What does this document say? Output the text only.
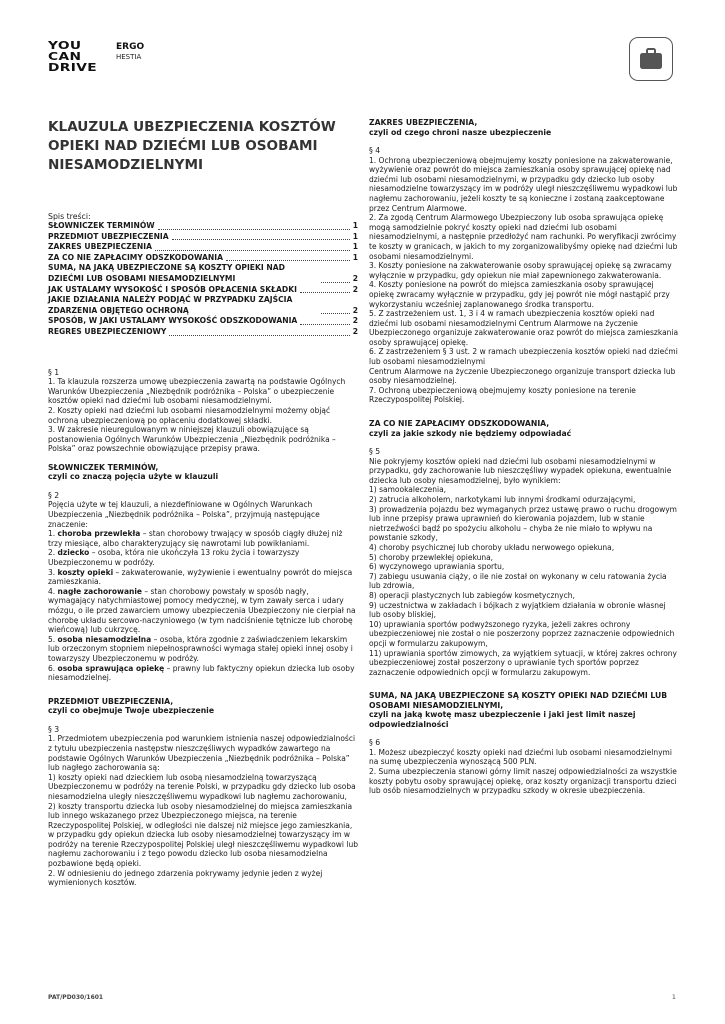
YOU
CAN
DRIVE
ERGO
HESTIA
KLAUZULA UBEZPIECZENIA KOSZTÓW OPIEKI NAD DZIEĆMI LUB OSOBAMI NIESAMODZIELNYMI
Spis treści:
SŁOWNICZEK TERMINÓW	1
PRZEDMIOT UBEZPIECZENIA	1
ZAKRES UBEZPIECZENIA	1
ZA CO NIE ZAPŁACIMY ODSZKODOWANIA	1
SUMA, NA JAKĄ UBEZPIECZONE SĄ KOSZTY OPIEKI NAD DZIEĆMI LUB OSOBAMI NIESAMODZIELNYMI	2
JAK USTALAMY WYSOKOŚĆ I SPOSÓB OPŁACENIA SKŁADKI	2
JAKIE DZIAŁANIA NALEŻY PODJĄĆ W PRZYPADKU ZAJŚCIA ZDARZENIA OBJĘTEGO OCHRONĄ	2
SPOSÓB, W JAKI USTALAMY WYSOKOŚĆ ODSZKODOWANIA	2
REGRES UBEZPIECZENIOWY	2
§ 1

1. Ta klauzula rozszerza umowę ubezpieczenia zawartą na podstawie Ogólnych Warunków Ubezpieczenia „Niezbędnik podróżnika – Polska” o ubezpieczenie kosztów opieki nad dziećmi lub osobami niesamodzielnymi.
2. Koszty opieki nad dziećmi lub osobami niesamodzielnymi możemy objąć ochroną ubezpieczeniową po opłaceniu dodatkowej składki.
3. W zakresie nieuregulowanym w niniejszej klauzuli obowiązujące są postanowienia Ogólnych Warunków Ubezpieczenia „Niezbędnik podróżnika – Polska” oraz powszechnie obowiązujące przepisy prawa.

SŁOWNICZEK TERMINÓW,
czyli co znaczą pojęcia użyte w klauzuli
§ 2

Pojęcia użyte w tej klauzuli, a niezdefiniowane w Ogólnych Warunkach Ubezpieczenia „Niezbędnik podróżnika – Polska”, przyjmują następujące znaczenie:

1. choroba przewlekła – stan chorobowy trwający w sposób ciągły dłużej niż trzy miesiące, albo charakteryzujący się nawrotami lub powikłaniami.

2. dziecko – osoba, która nie ukończyła 13 roku życia i towarzyszy Ubezpieczonemu w podróży.

3. koszty opieki – zakwaterowanie, wyżywienie i ewentualny powrót do miejsca zamieszkania.

4. nagłe zachorowanie – stan chorobowy powstały w sposób nagły, wymagający natychmiastowej pomocy medycznej, w tym zawały serca i udary mózgu, o ile przed zawarciem umowy ubezpieczenia Ubezpieczony nie cierpiał na chorobę układu sercowo-naczyniowego (w tym nadciśnienie tętnicze lub chorobę wieńcową) lub cukrzycę.

5. osoba niesamodzielna – osoba, która zgodnie z zaświadczeniem lekarskim lub orzeczonym stopniem niepełnosprawności wymaga stałej opieki innej osoby i towarzyszy Ubezpieczonemu w podróży.

6. osoba sprawująca opiekę – prawny lub faktyczny opiekun dziecka lub osoby niesamodzielnej.

PRZEDMIOT UBEZPIECZENIA,
czyli co obejmuje Twoje ubezpieczenie
§ 3

1. Przedmiotem ubezpieczenia pod warunkiem istnienia naszej odpowiedzialności z tytułu ubezpieczenia następstw nieszczęśliwych wypadków zawartego na podstawie Ogólnych Warunków Ubezpieczenia „Niezbędnik podróżnika – Polska” lub nagłego zachorowania są:
1) koszty opieki nad dzieckiem lub osobą niesamodzielną towarzyszącą Ubezpieczonemu w podróży na terenie Polski, w przypadku gdy dziecko lub osoba niesamodzielna uległy nieszczęśliwemu wypadkowi lub nagłemu zachorowaniu,
2) koszty transportu dziecka lub osoby niesamodzielnej do miejsca zamieszkania lub innego wskazanego przez Ubezpieczonego miejsca, na terenie Rzeczypospolitej Polskiej, w odległości nie dalszej niż miejsce jego zamieszkania, w przypadku gdy opiekun dziecka lub osoby niesamodzielnej towarzyszący im w podróży na terenie Rzeczypospolitej Polskiej uległ nieszczęśliwemu wypadkowi lub nagłemu zachorowaniu i z tego powodu dziecko lub osoba niesamodzielna pozbawione będą opieki.
2. W odniesieniu do jednego zdarzenia pokrywamy jedynie jeden z wyżej wymienionych kosztów.

ZAKRES UBEZPIECZENIA,
czyli od czego chroni nasze ubezpieczenie
§ 4

1. Ochroną ubezpieczeniową obejmujemy koszty poniesione na zakwaterowanie, wyżywienie oraz powrót do miejsca zamieszkania osoby sprawującej opiekę nad dziećmi lub osobami niesamodzielnymi, w przypadku gdy dziecko lub osoby niesamodzielne towarzyszący im w podróży uległ nieszczęśliwemu wypadkowi lub nagłemu zachorowaniu, jeżeli koszty te są konieczne i zostaną zaakceptowane przez Centrum Alarmowe.
2. Za zgodą Centrum Alarmowego Ubezpieczony lub osoba sprawująca opiekę mogą samodzielnie pokryć koszty opieki nad dziećmi lub osobami niesamodzielnymi, a następnie przedłożyć nam rachunki. Po weryfikacji zwrócimy te koszty w granicach, w jakich to my zorganizowalibyśmy opiekę nad dziećmi lub osobami niesamodzielnymi.
3. Koszty poniesione na zakwaterowanie osoby sprawującej opiekę są zwracamy wyłącznie w przypadku, gdy opiekun nie miał zapewnionego zakwaterowania.
4. Koszty poniesione na powrót do miejsca zamieszkania osoby sprawującej opiekę zwracamy wyłącznie w przypadku, gdy jej powrót nie mógł nastąpić przy wykorzystaniu wcześniej zaplanowanego środka transportu.
5. Z zastrzeżeniem ust. 1, 3 i 4 w ramach ubezpieczenia kosztów opieki nad dziećmi lub osobami niesamodzielnymi Centrum Alarmowe na życzenie Ubezpieczonego organizuje zakwaterowanie oraz powrót do miejsca zamieszkania osoby sprawującej opiekę.
6. Z zastrzeżeniem § 3 ust. 2 w ramach ubezpieczenia kosztów opieki nad dziećmi lub osobami niesamodzielnymi
Centrum Alarmowe na życzenie Ubezpieczonego organizuje transport dziecka lub osoby niesamodzielnej.
7. Ochroną ubezpieczeniową obejmujemy koszty poniesione na terenie Rzeczypospolitej Polskiej.

ZA CO NIE ZAPŁACIMY ODSZKODOWANIA,
czyli za jakie szkody nie będziemy odpowiadać
§ 5

Nie pokryjemy kosztów opieki nad dziećmi lub osobami niesamodzielnymi w przypadku, gdy zachorowanie lub nieszczęśliwy wypadek opiekuna, ewentualnie dziecka lub osoby niesamodzielnej, było wynikiem:
1) samookaleczenia,
2) zatrucia alkoholem, narkotykami lub innymi środkami odurzającymi,
3) prowadzenia pojazdu bez wymaganych przez ustawę prawo o ruchu drogowym lub inne przepisy prawa uprawnień do kierowania pojazdem, lub w stanie nietrzeźwości bądź po spożyciu alkoholu – chyba że nie miało to wpływu na powstanie szkody,
4) choroby psychicznej lub choroby układu nerwowego opiekuna,
5) choroby przewlekłej opiekuna,
6) wyczynowego uprawiania sportu,
7) zabiegu usuwania ciąży, o ile nie został on wykonany w celu ratowania życia lub zdrowia,
8) operacji plastycznych lub zabiegów kosmetycznych,
9) uczestnictwa w zakładach i bójkach z wyjątkiem działania w obronie własnej lub osoby bliskiej,
10) uprawiania sportów podwyższonego ryzyka, jeżeli zakres ochrony ubezpieczeniowej nie został o nie poszerzony poprzez zaznaczenie odpowiednich opcji w formularzu zakupowym,
11) uprawiania sportów zimowych, za wyjątkiem sytuacji, w której zakres ochrony ubezpieczeniowej został poszerzony o uprawianie tych sportów poprzez zaznaczenie odpowiednich opcji w formularzu zakupowym.

SUMA, NA JAKĄ UBEZPIECZONE SĄ KOSZTY OPIEKI NAD DZIEĆMI LUB OSOBAMI NIESAMODZIELNYMI,
czyli na jaką kwotę masz ubezpieczenie i jaki jest limit naszej odpowiedzialności
§ 6

1. Możesz ubezpieczyć koszty opieki nad dziećmi lub osobami niesamodzielnymi na sumę ubezpieczenia wynoszącą 500 PLN.
2. Suma ubezpieczenia stanowi górny limit naszej odpowiedzialności za wszystkie koszty pobytu osoby sprawującej opiekę, oraz koszty organizacji transportu dzieci lub osób niesamodzielnych w przypadku szkody w okresie ubezpieczenia.

PAT/PD030/1601	1
